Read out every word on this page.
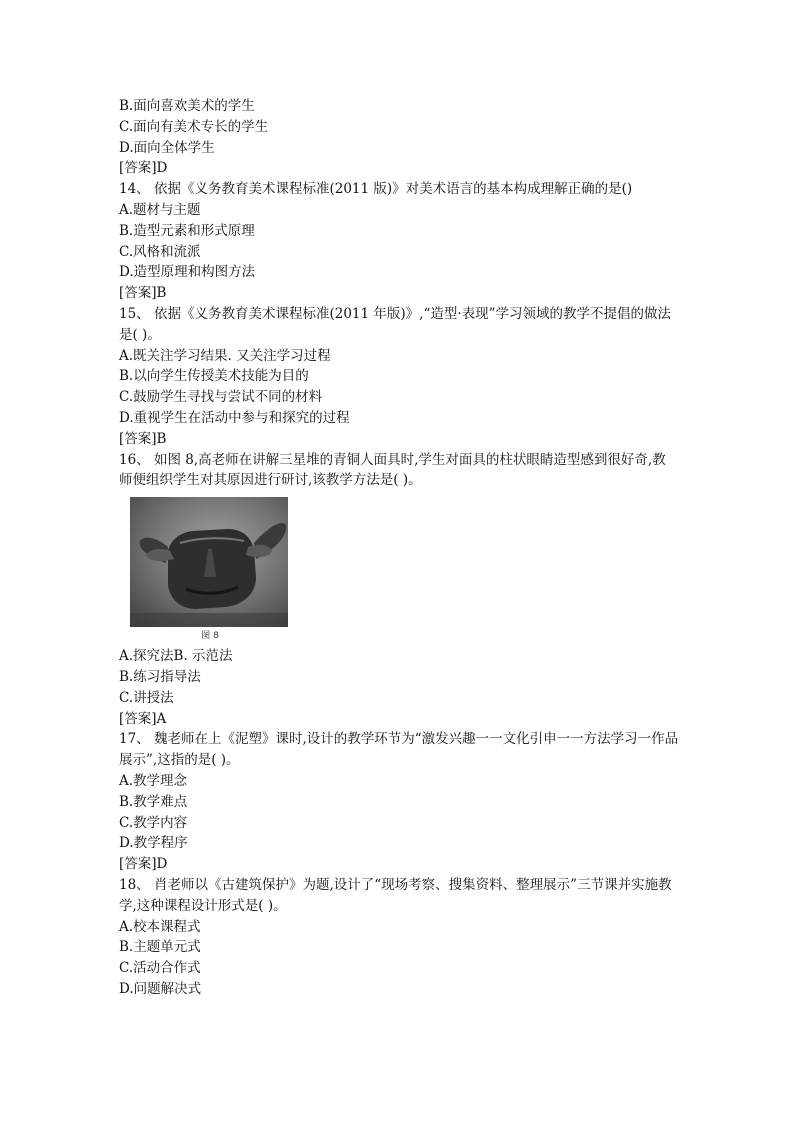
B.面向喜欢美术的学生
C.面向有美术专长的学生
D.面向全体学生
[答案]D
14、 依据《义务教育美术课程标准(2011 版)》对美术语言的基本构成理解正确的是()
A.题材与主题
B.造型元素和形式原理
C.风格和流派
D.造型原理和构图方法
[答案]B
15、 依据《义务教育美术课程标准(2011 年版)》,“造型·表现”学习领域的教学不提倡的做法是( )。
A.既关注学习结果. 又关注学习过程
B.以向学生传授美术技能为目的
C.鼓励学生寻找与尝试不同的材料
D.重视学生在活动中参与和探究的过程
[答案]B
16、 如图 8,高老师在讲解三星堆的青铜人面具时,学生对面具的柱状眼睛造型感到很好奇,教师便组织学生对其原因进行研讨,该教学方法是( )。
图 8
A.探究法B. 示范法
B.练习指导法
C.讲授法
[答案]A
17、 魏老师在上《泥塑》课时,设计的教学环节为“激发兴趣一一文化引申一一方法学习一作品展示”,这指的是( )。
A.教学理念
B.教学难点
C.教学内容
D.教学程序
[答案]D
18、 肖老师以《古建筑保护》为题,设计了“现场考察、搜集资料、整理展示”三节课并实施教学,这种课程设计形式是( )。
A.校本课程式
B.主题单元式
C.活动合作式
D.问题解决式
